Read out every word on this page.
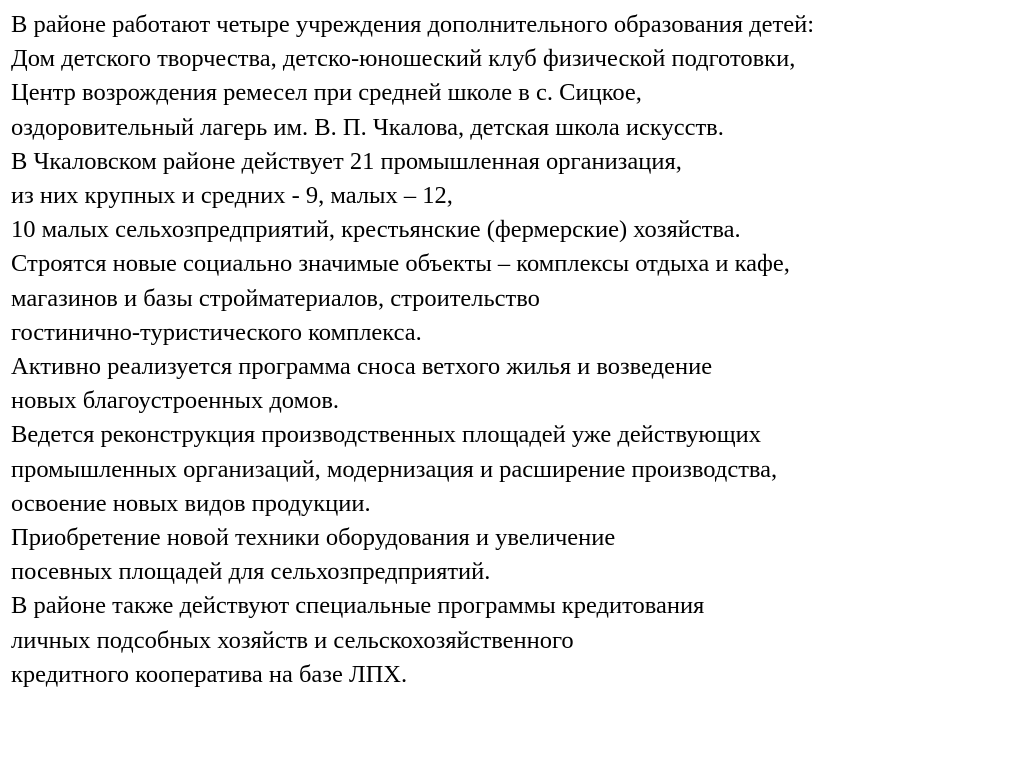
В районе работают четыре учреждения дополнительного образования детей:
Дом детского творчества, детско-юношеский клуб физической подготовки,
Центр возрождения ремесел при средней школе в с. Сицкое,
оздоровительный лагерь им. В. П. Чкалова, детская школа искусств.
В Чкаловском районе действует 21 промышленная организация,
из них крупных и средних - 9, малых – 12,
10 малых сельхозпредприятий, крестьянские (фермерские) хозяйства.
Строятся новые социально значимые объекты – комплексы отдыха и кафе,
магазинов и базы стройматериалов, строительство
гостинично-туристического комплекса.
Активно реализуется программа сноса ветхого жилья и возведение
новых благоустроенных домов.
Ведется реконструкция производственных площадей уже действующих
промышленных организаций, модернизация и расширение производства,
освоение новых видов продукции.
Приобретение новой техники оборудования и увеличение
посевных площадей для сельхозпредприятий.
В районе также действуют специальные программы кредитования
личных подсобных хозяйств и сельскохозяйственного
кредитного кооператива на базе ЛПХ.
